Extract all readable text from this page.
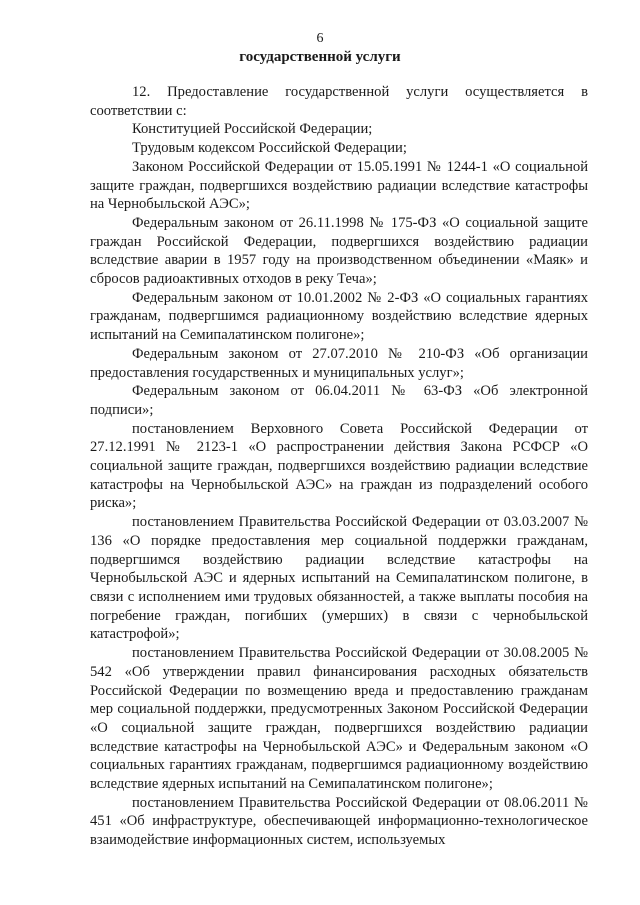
6
государственной услуги

12. Предоставление государственной услуги осуществляется в соответствии с:

Конституцией Российской Федерации;

Трудовым кодексом Российской Федерации;

Законом Российской Федерации от 15.05.1991 № 1244-1 «О социальной защите граждан, подвергшихся воздействию радиации вследствие катастрофы на Чернобыльской АЭС»;

Федеральным законом от 26.11.1998 № 175-ФЗ «О социальной защите граждан Российской Федерации, подвергшихся воздействию радиации вследствие аварии в 1957 году на производственном объединении «Маяк» и сбросов радиоактивных отходов в реку Теча»;

Федеральным законом от 10.01.2002 № 2-ФЗ «О социальных гарантиях гражданам, подвергшимся радиационному воздействию вследствие ядерных испытаний на Семипалатинском полигоне»;

Федеральным законом от 27.07.2010 № 210-ФЗ «Об организации предоставления государственных и муниципальных услуг»;

Федеральным законом от 06.04.2011 № 63-ФЗ «Об электронной подписи»;

постановлением Верховного Совета Российской Федерации от 27.12.1991 № 2123-1 «О распространении действия Закона РСФСР «О социальной защите граждан, подвергшихся воздействию радиации вследствие катастрофы на Чернобыльской АЭС» на граждан из подразделений особого риска»;

постановлением Правительства Российской Федерации от 03.03.2007 № 136 «О порядке предоставления мер социальной поддержки гражданам, подвергшимся воздействию радиации вследствие катастрофы на Чернобыльской АЭС и ядерных испытаний на Семипалатинском полигоне, в связи с исполнением ими трудовых обязанностей, а также выплаты пособия на погребение граждан, погибших (умерших) в связи с чернобыльской катастрофой»;

постановлением Правительства Российской Федерации от 30.08.2005 № 542 «Об утверждении правил финансирования расходных обязательств Российской Федерации по возмещению вреда и предоставлению гражданам мер социальной поддержки, предусмотренных Законом Российской Федерации «О социальной защите граждан, подвергшихся воздействию радиации вследствие катастрофы на Чернобыльской АЭС» и Федеральным законом «О социальных гарантиях гражданам, подвергшимся радиационному воздействию вследствие ядерных испытаний на Семипалатинском полигоне»;

постановлением Правительства Российской Федерации от 08.06.2011 № 451 «Об инфраструктуре, обеспечивающей информационно-технологическое взаимодействие информационных систем, используемых
